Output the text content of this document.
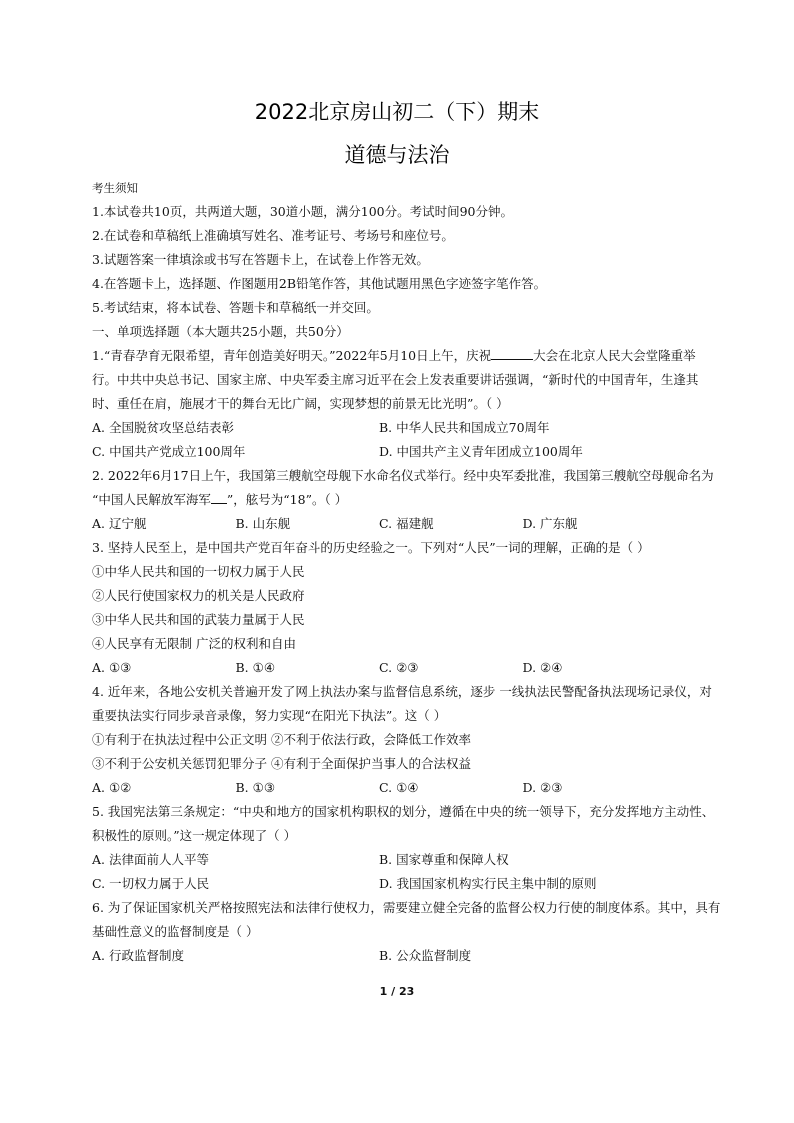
2022北京房山初二（下）期末
道德与法治
考生须知
1.本试卷共10页，共两道大题，30道小题，满分100分。考试时间90分钟。
2.在试卷和草稿纸上准确填写姓名、准考证号、考场号和座位号。
3.试题答案一律填涂或书写在答题卡上，在试卷上作答无效。
4.在答题卡上，选择题、作图题用2B铅笔作答，其他试题用黑色字迹签字笔作答。
5.考试结束，将本试卷、答题卡和草稿纸一并交回。
一、单项选择题（本大题共25小题，共50分）
1.“青春孕育无限希望，青年创造美好明天。”2022年5月10日上午，庆祝	大会在北京人民大会堂隆重举
行。中共中央总书记、国家主席、中央军委主席习近平在会上发表重要讲话强调，“新时代的中国青年，生逢其
时、重任在肩，施展才干的舞台无比广阔，实现梦想的前景无比光明”。（ ）
A. 全国脱贫攻坚总结表彰	B. 中华人民共和国成立70周年
C. 中国共产党成立100周年	D. 中国共产主义青年团成立100周年
2. 2022年6月17日上午，我国第三艘航空母舰下水命名仪式举行。经中央军委批准，我国第三艘航空母舰命名为
“中国人民解放军海军 ”，舷号为“18”。（ ）
A. 辽宁舰	B. 山东舰	C. 福建舰	D. 广东舰
3. 坚持人民至上，是中国共产党百年奋斗的历史经验之一。下列对“人民”一词的理解，正确的是（ ）
①中华人民共和国的一切权力属于人民
②人民行使国家权力的机关是人民政府
③中华人民共和国的武装力量属于人民
④人民享有无限制 广泛的权利和自由
A. ①③	B. ①④	C. ②③	D. ②④
4. 近年来，各地公安机关普遍开发了网上执法办案与监督信息系统，逐步 一线执法民警配备执法现场记录仪，对
重要执法实行同步录音录像，努力实现“在阳光下执法”。这（ ）
①有利于在执法过程中公正文明 ②不利于依法行政，会降低工作效率
③不利于公安机关惩罚犯罪分子 ④有利于全面保护当事人的合法权益
A. ①②	B. ①③	C. ①④	D. ②③
5. 我国宪法第三条规定：“中央和地方的国家机构职权的划分，遵循在中央的统一领导下，充分发挥地方主动性、
积极性的原则。”这一规定体现了（ ）
A. 法律面前人人平等	B. 国家尊重和保障人权
C. 一切权力属于人民	D. 我国国家机构实行民主集中制的原则
6. 为了保证国家机关严格按照宪法和法律行使权力，需要建立健全完备的监督公权力行使的制度体系。其中，具有
基础性意义的监督制度是（ ）
A. 行政监督制度	B. 公众监督制度
1 / 23
